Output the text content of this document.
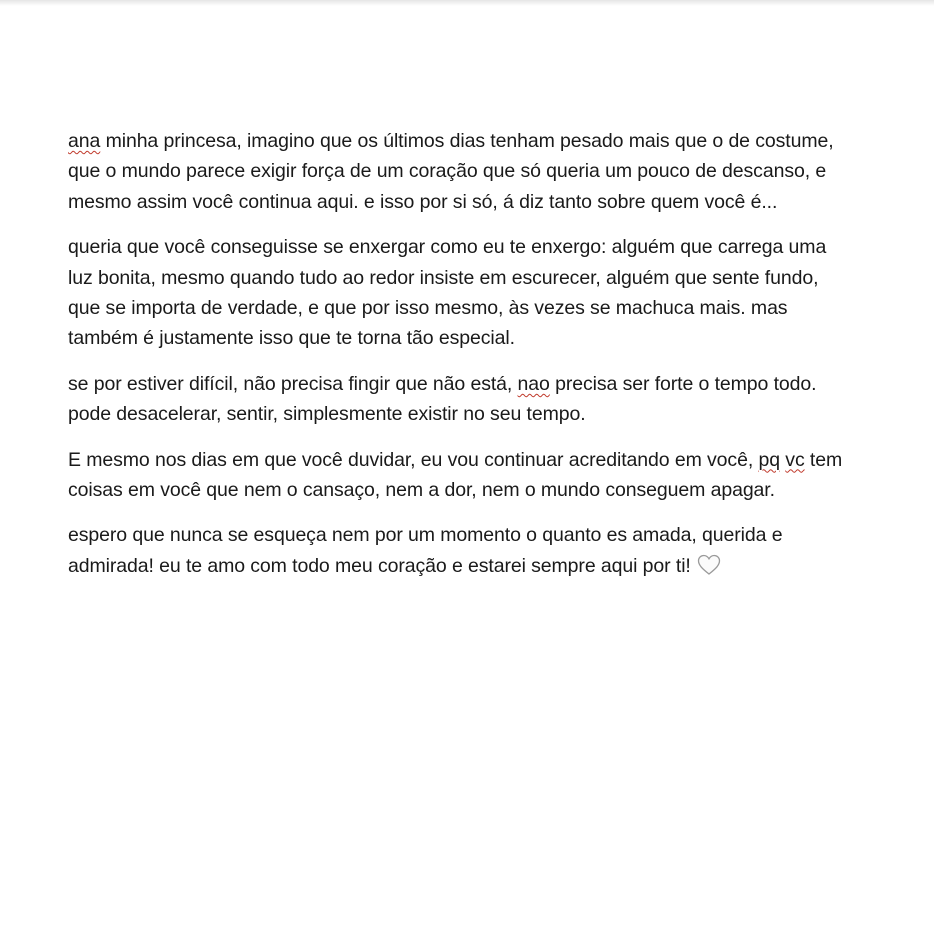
ana minha princesa, imagino que os últimos dias tenham pesado mais que o de costume, que o mundo parece exigir força de um coração que só queria um pouco de descanso, e mesmo assim você continua aqui. e isso por si só, á diz tanto sobre quem você é...

queria que você conseguisse se enxergar como eu te enxergo: alguém que carrega uma luz bonita, mesmo quando tudo ao redor insiste em escurecer, alguém que sente fundo, que se importa de verdade, e que por isso mesmo, às vezes se machuca mais. mas também é justamente isso que te torna tão especial.

se por estiver difícil, não precisa fingir que não está, nao precisa ser forte o tempo todo. pode desacelerar, sentir, simplesmente existir no seu tempo.

E mesmo nos dias em que você duvidar, eu vou continuar acreditando em você, pq vc tem coisas em você que nem o cansaço, nem a dor, nem o mundo conseguem apagar.

espero que nunca se esqueça nem por um momento o quanto es amada, querida e admirada! eu te amo com todo meu coração e estarei sempre aqui por ti!
